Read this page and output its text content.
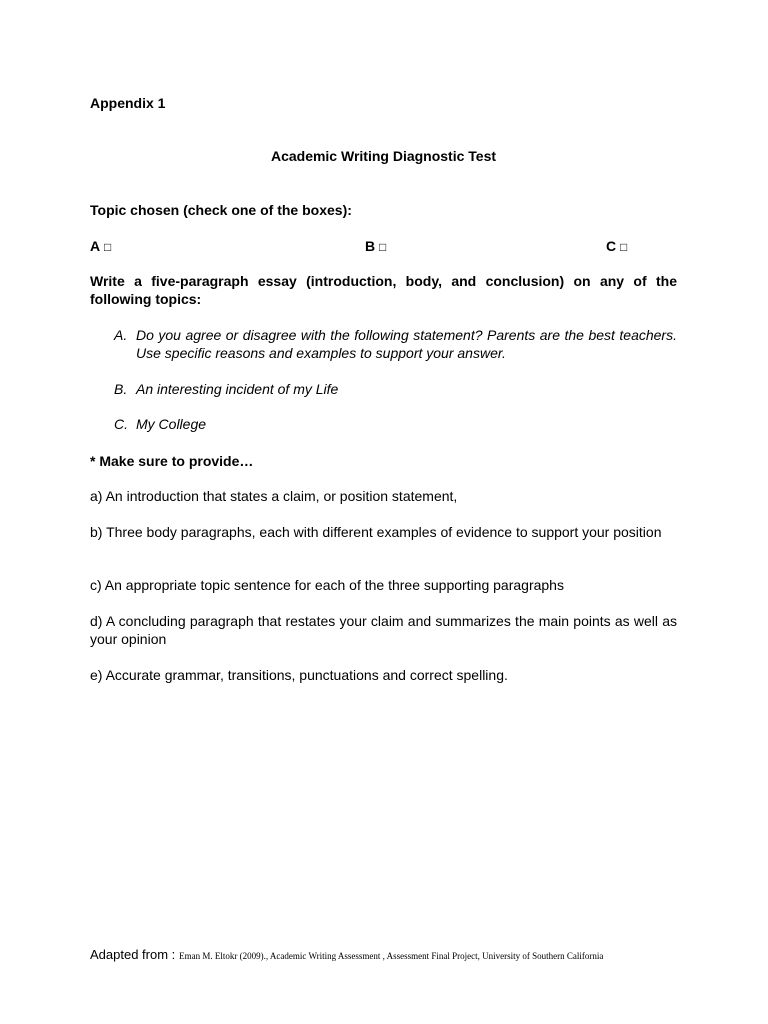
Appendix 1
Academic Writing Diagnostic Test
Topic chosen (check one of the boxes):
A □	B □	C □
Write a five-paragraph essay (introduction, body, and conclusion) on any of the following topics:
A. Do you agree or disagree with the following statement? Parents are the best teachers. Use specific reasons and examples to support your answer.
B. An interesting incident of my Life
C. My College
* Make sure to provide…
a) An introduction that states a claim, or position statement,
b) Three body paragraphs, each with different examples of evidence to support your position
c) An appropriate topic sentence for each of the three supporting paragraphs
d) A concluding paragraph that restates your claim and summarizes the main points as well as your opinion
e) Accurate grammar, transitions, punctuations and correct spelling.
Adapted from : Eman M. Eltokr (2009)., Academic Writing Assessment , Assessment Final Project, University of Southern California
